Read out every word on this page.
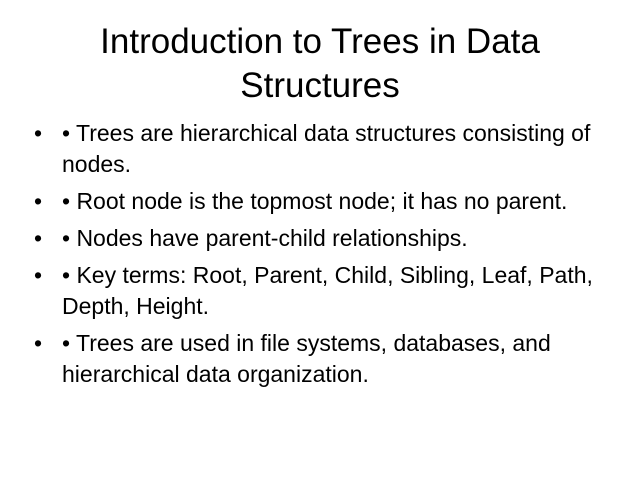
Introduction to Trees in Data Structures
• • Trees are hierarchical data structures consisting of nodes.
• • Root node is the topmost node; it has no parent.
• • Nodes have parent-child relationships.
• • Key terms: Root, Parent, Child, Sibling, Leaf, Path, Depth, Height.
• • Trees are used in file systems, databases, and hierarchical data organization.
